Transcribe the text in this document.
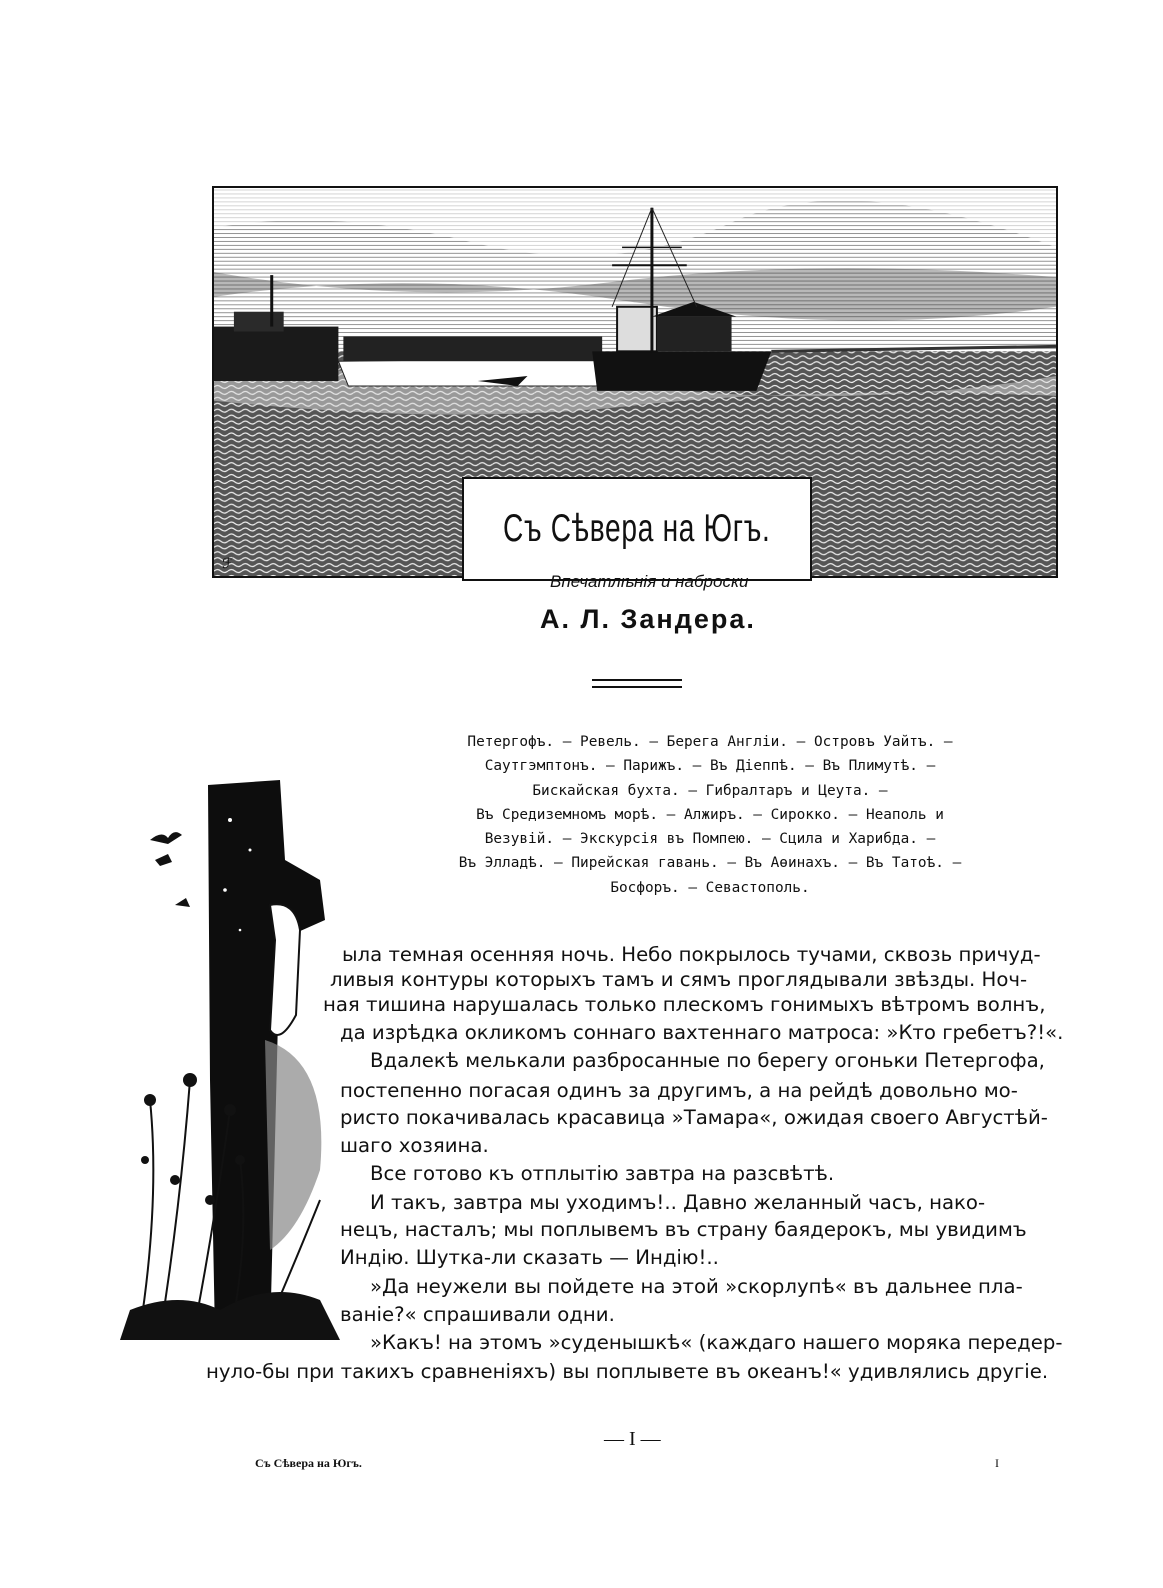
ℱ
Съ Сѣвера на Югъ.
Впечатлѣнія и наброски
А. Л. Зандера.
Петергофъ. — Ревель. — Берега Англіи. — Островъ Уайтъ. —
Саутгэмптонъ. — Парижъ. — Въ Діеппѣ. — Въ Плимутѣ. —
Бискайская бухта. — Гибралтаръ и Цеута. —
Въ Средиземномъ морѣ. — Алжиръ. — Сирокко. — Неаполь и
Везувій. — Экскурсія въ Помпею. — Сцила и Харибда. —
Въ Элладѣ. — Пирейская гавань. — Въ Аѳинахъ. — Въ Татоѣ. —
Босфоръ. — Севастополь.
ыла темная осенняя ночь. Небо покрылось тучами, сквозь причуд-
ливыя контуры которыхъ тамъ и сямъ проглядывали звѣзды. Ноч-
ная тишина нарушалась только плескомъ гонимыхъ вѣтромъ волнъ,
да изрѣдка окликомъ соннаго вахтеннаго матроса: »Кто гребетъ?!«.
Вдалекѣ мелькали разбросанные по берегу огоньки Петергофа,
постепенно погасая одинъ за другимъ, а на рейдѣ довольно мо-
ристо покачивалась красавица »Тамара«, ожидая своего Августѣй-
шаго хозяина.
Все готово къ отплытію завтра на разсвѣтѣ.
И такъ, завтра мы уходимъ!.. Давно желанный часъ, нако-
нецъ, насталъ; мы поплывемъ въ страну баядерокъ, мы увидимъ
Индію. Шутка-ли сказать — Индію!..
»Да неужели вы пойдете на этой »скорлупѣ« въ дальнее пла-
ваніе?« спрашивали одни.
»Какъ! на этомъ »суденышкѣ« (каждаго нашего моряка передер-
нуло-бы при такихъ сравненіяхъ) вы поплывете въ океанъ!« удивлялись другіе.
— I —
Съ Сѣвера на Югъ.	I
